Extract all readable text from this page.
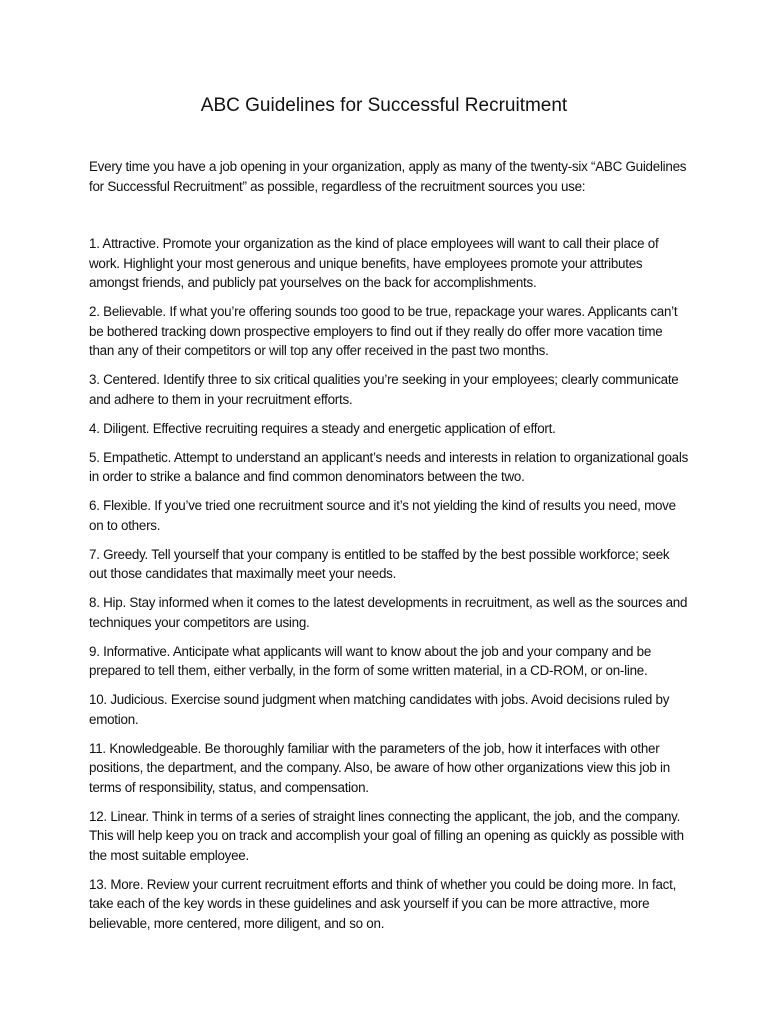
ABC Guidelines for Successful Recruitment

Every time you have a job opening in your organization, apply as many of the twenty-six “ABC Guidelines for Successful Recruitment” as possible, regardless of the recruitment sources you use:

1. Attractive. Promote your organization as the kind of place employees will want to call their place of work. Highlight your most generous and unique benefits, have employees promote your attributes amongst friends, and publicly pat yourselves on the back for accomplishments.
2. Believable. If what you’re offering sounds too good to be true, repackage your wares. Applicants can’t be bothered tracking down prospective employers to find out if they really do offer more vacation time than any of their competitors or will top any offer received in the past two months.
3. Centered. Identify three to six critical qualities you’re seeking in your employees; clearly communicate and adhere to them in your recruitment efforts.
4. Diligent. Effective recruiting requires a steady and energetic application of effort.
5. Empathetic. Attempt to understand an applicant’s needs and interests in relation to organizational goals in order to strike a balance and find common denominators between the two.
6. Flexible. If you’ve tried one recruitment source and it’s not yielding the kind of results you need, move on to others.
7. Greedy. Tell yourself that your company is entitled to be staffed by the best possible workforce; seek out those candidates that maximally meet your needs.
8. Hip. Stay informed when it comes to the latest developments in recruitment, as well as the sources and techniques your competitors are using.
9. Informative. Anticipate what applicants will want to know about the job and your company and be prepared to tell them, either verbally, in the form of some written material, in a CD-ROM, or on-line.
10. Judicious. Exercise sound judgment when matching candidates with jobs. Avoid decisions ruled by emotion.
11. Knowledgeable. Be thoroughly familiar with the parameters of the job, how it interfaces with other positions, the department, and the company. Also, be aware of how other organizations view this job in terms of responsibility, status, and compensation.
12. Linear. Think in terms of a series of straight lines connecting the applicant, the job, and the company. This will help keep you on track and accomplish your goal of filling an opening as quickly as possible with the most suitable employee.
13. More. Review your current recruitment efforts and think of whether you could be doing more. In fact, take each of the key words in these guidelines and ask yourself if you can be more attractive, more believable, more centered, more diligent, and so on.
